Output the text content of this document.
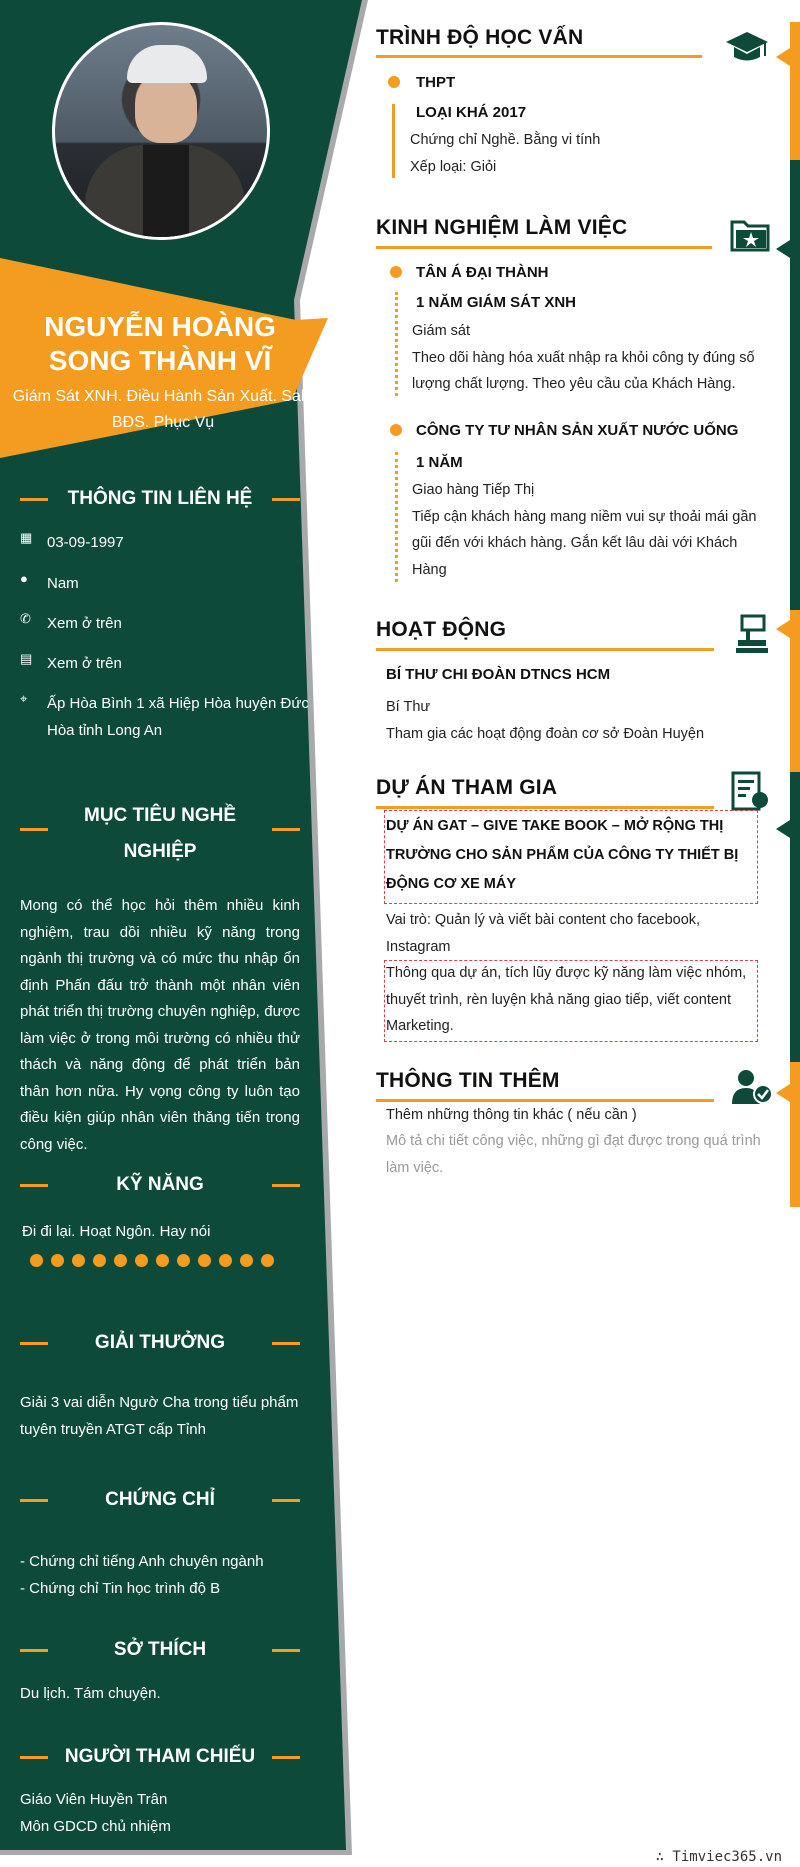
NGUYỄN HOÀNG
SONG THÀNH VĨ
Giám Sát XNH. Điều Hành Sản Xuất. Sale
BĐS. Phục Vụ
THÔNG TIN LIÊN HỆ
▦ 03-09-1997
● Nam
✆ Xem ở trên
▤ Xem ở trên
⌖ Ấp Hòa Bình 1 xã Hiệp Hòa huyện Đức
Hòa tỉnh Long An
MỤC TIÊU NGHỀ
NGHIỆP
Mong có thể học hỏi thêm nhiều kinh nghiệm, trau dồi nhiều kỹ năng trong ngành thị trường và có mức thu nhập ổn định Phấn đấu trở thành một nhân viên phát triển thị trường chuyên nghiệp, được làm việc ở trong môi trường có nhiều thử thách và năng động để phát triển bản thân hơn nữa. Hy vọng công ty luôn tạo điều kiện giúp nhân viên thăng tiến trong công việc.
KỸ NĂNG
Đi đi lại. Hoạt Ngôn. Hay nói
GIẢI THƯỞNG
Giải 3 vai diễn Ngườ Cha trong tiểu phẩm
tuyên truyền ATGT cấp Tỉnh
CHỨNG CHỈ
- Chứng chỉ tiếng Anh chuyên ngành
- Chứng chỉ Tin học trình độ B
SỞ THÍCH
Du lịch. Tám chuyện.
NGƯỜI THAM CHIẾU
Giáo Viên Huyền Trân
Môn GDCD chủ nhiệm
TRÌNH ĐỘ HỌC VẤN
THPT
LOẠI KHÁ 2017
Chứng chỉ Nghề. Bằng vi tính
Xếp loại: Giỏi
KINH NGHIỆM LÀM VIỆC
TÂN Á ĐẠI THÀNH
1 NĂM GIÁM SÁT XNH
Giám sát
Theo dõi hàng hóa xuất nhập ra khỏi công ty đúng số
lượng chất lượng. Theo yêu cầu của Khách Hàng.
CÔNG TY TƯ NHÂN SẢN XUẤT NƯỚC UỐNG
1 NĂM
Giao hàng Tiếp Thị
Tiếp cận khách hàng mang niềm vui sự thoải mái gần
gũi đến với khách hàng. Gắn kết lâu dài với Khách
Hàng
HOẠT ĐỘNG
BÍ THƯ CHI ĐOÀN DTNCS HCM
Bí Thư
Tham gia các hoạt động đoàn cơ sở Đoàn Huyện
DỰ ÁN THAM GIA
DỰ ÁN GAT – GIVE TAKE BOOK – MỞ RỘNG THỊ
TRƯỜNG CHO SẢN PHẨM CỦA CÔNG TY THIẾT BỊ
ĐỘNG CƠ XE MÁY
Vai trò: Quản lý và viết bài content cho facebook,
Instagram
Thông qua dự án, tích lũy được kỹ năng làm việc nhóm,
thuyết trình, rèn luyện khả năng giao tiếp, viết content
Marketing.
THÔNG TIN THÊM
Thêm những thông tin khác ( nếu cần )
Mô tả chi tiết công việc, những gì đạt được trong quá trình
làm việc.
∴ Timviec365.vn
